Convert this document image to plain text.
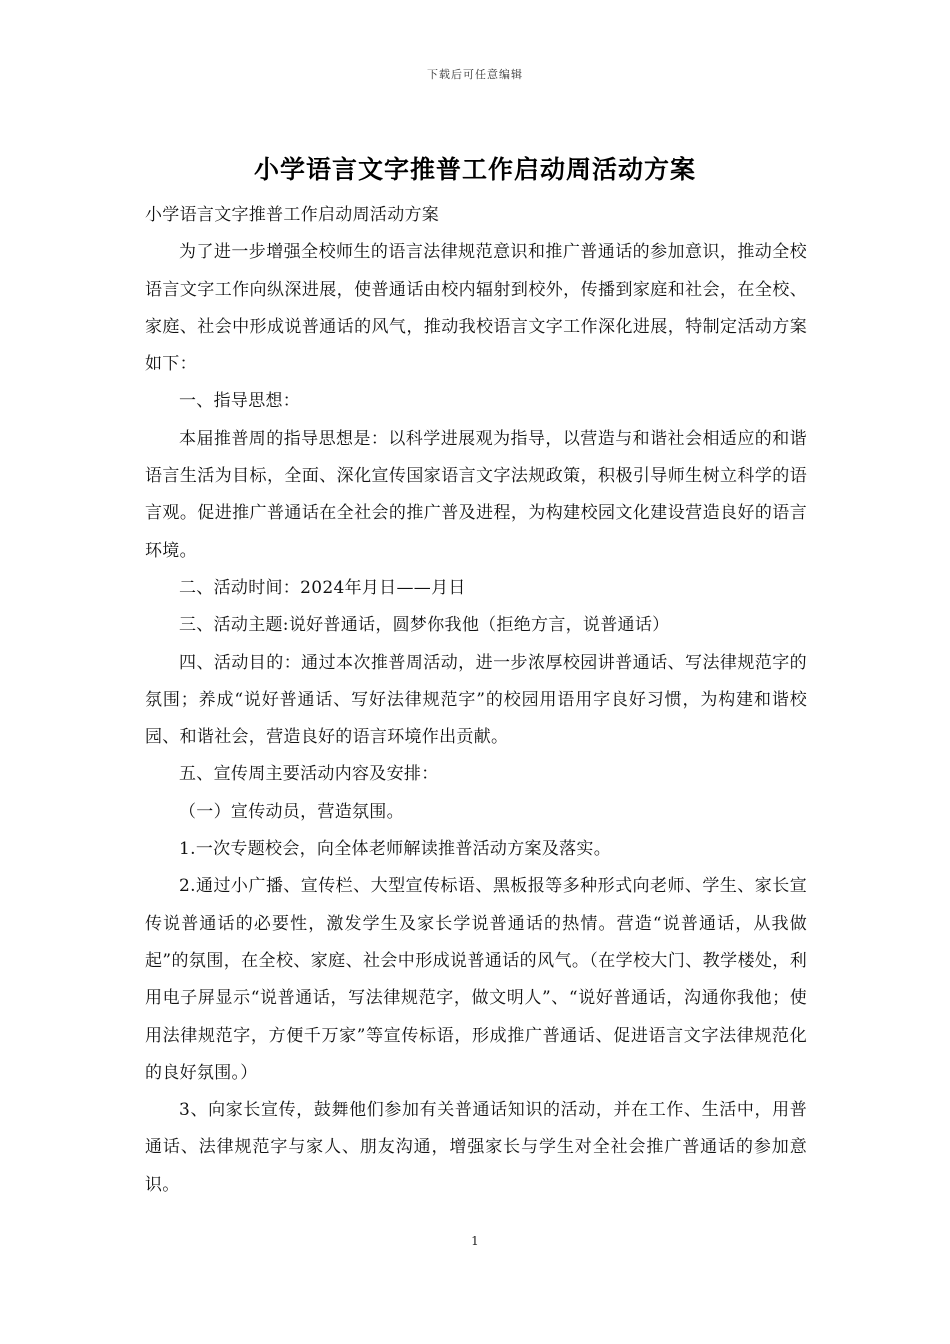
下载后可任意编辑
小学语言文字推普工作启动周活动方案

小学语言文字推普工作启动周活动方案

为了进一步增强全校师生的语言法律规范意识和推广普通话的参加意识，推动全校语言文字工作向纵深进展，使普通话由校内辐射到校外，传播到家庭和社会，在全校、家庭、社会中形成说普通话的风气，推动我校语言文字工作深化进展，特制定活动方案如下：

一、指导思想：

本届推普周的指导思想是：以科学进展观为指导，以营造与和谐社会相适应的和谐语言生活为目标，全面、深化宣传国家语言文字法规政策，积极引导师生树立科学的语言观。促进推广普通话在全社会的推广普及进程，为构建校园文化建设营造良好的语言环境。

二、活动时间：2024年月日——月日

三、活动主题:说好普通话，圆梦你我他（拒绝方言，说普通话）

四、活动目的：通过本次推普周活动，进一步浓厚校园讲普通话、写法律规范字的氛围；养成“说好普通话、写好法律规范字”的校园用语用字良好习惯，为构建和谐校园、和谐社会，营造良好的语言环境作出贡献。

五、宣传周主要活动内容及安排：

（一）宣传动员，营造氛围。

1.一次专题校会，向全体老师解读推普活动方案及落实。

2.通过小广播、宣传栏、大型宣传标语、黑板报等多种形式向老师、学生、家长宣传说普通话的必要性，激发学生及家长学说普通话的热情。营造“说普通话，从我做起”的氛围，在全校、家庭、社会中形成说普通话的风气。（在学校大门、教学楼处，利用电子屏显示“说普通话，写法律规范字，做文明人”、“说好普通话，沟通你我他；使用法律规范字，方便千万家”等宣传标语，形成推广普通话、促进语言文字法律规范化的良好氛围。）

3、向家长宣传，鼓舞他们参加有关普通话知识的活动，并在工作、生活中，用普通话、法律规范字与家人、朋友沟通，增强家长与学生对全社会推广普通话的参加意识。

1
